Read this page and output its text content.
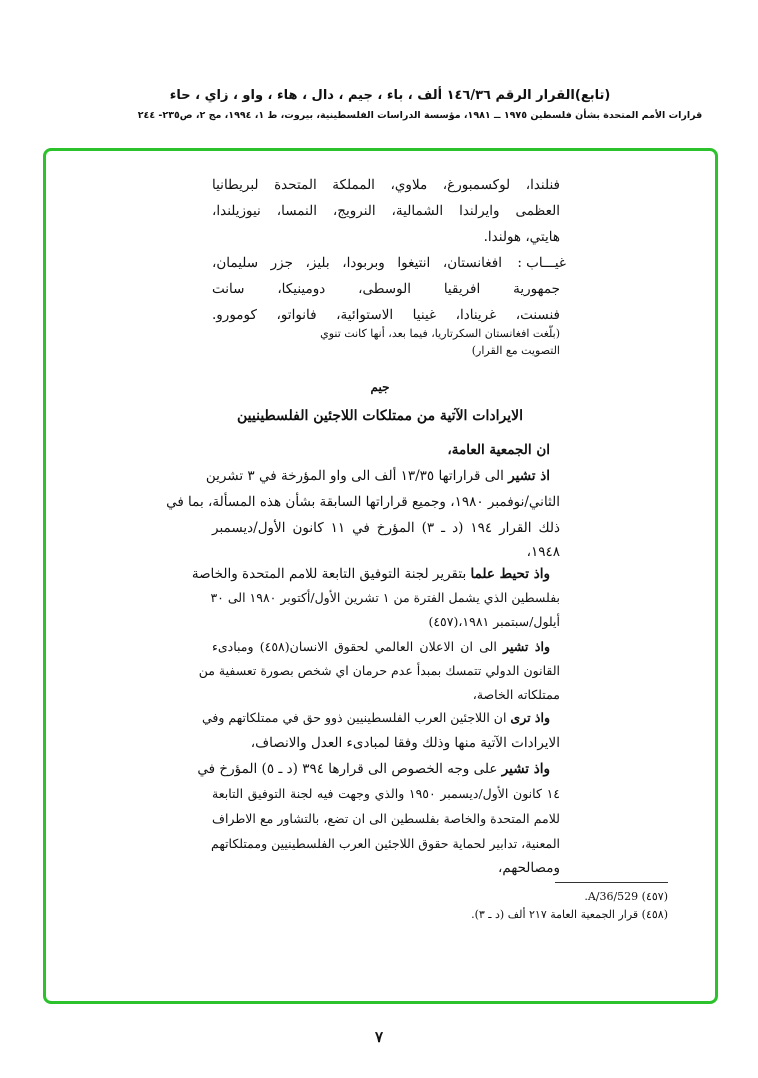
(تابع)القرار الرقم ١٤٦/٣٦ ألف ، باء ، جيم ، دال ، هاء ، واو ، زاي ، حاء
قرارات الأمم المتحدة بشأن فلسطين ١٩٧٥ ــ ١٩٨١، مؤسسة الدراسات الفلسطينية، بيروت، ط ١، ١٩٩٤، مج ٢، ص٢٣٥- ٢٤٤
فنلندا، لوكسمبورغ، ملاوي، المملكة المتحدة لبريطانيا
العظمى وايرلندا الشمالية، النرويج، النمسا، نيوزيلندا،
هايتي، هولندا.
غيـــاب :
افغانستان، انتيغوا وبربودا، بليز، جزر سليمان،
جمهورية افريقيا الوسطى، دومينيكا، سانت
فنسنت، غرينادا، غينيا الاستوائية، فانواتو، كومورو.
(بلّغت افغانستان السكرتاريا، فيما بعد، أنها كانت تنوي
التصويت مع القرار)
جيم
الايرادات الآتية من ممتلكات اللاجئين الفلسطينيين
ان الجمعية العامة،
اذ تشير الى قراراتها ١٣/٣٥ ألف الى واو المؤرخة في ٣ تشرين
الثاني/نوفمبر ١٩٨٠، وجميع قراراتها السابقة بشأن هذه المسألة، بما في
ذلك القرار ١٩٤ (د ـ ٣) المؤرخ في ١١ كانون الأول/ديسمبر
١٩٤٨،
واذ تحيط علما بتقرير لجنة التوفيق التابعة للامم المتحدة والخاصة
بفلسطين الذي يشمل الفترة من ١ تشرين الأول/أكتوبر ١٩٨٠ الى ٣٠
أيلول/سبتمبر ١٩٨١،(٤٥٧)
واذ تشير الى ان الاعلان العالمي لحقوق الانسان(٤٥٨) ومبادىء
القانون الدولي تتمسك بمبدأ عدم حرمان اي شخص بصورة تعسفية من
ممتلكاته الخاصة،
واذ ترى ان اللاجئين العرب الفلسطينيين ذوو حق في ممتلكاتهم وفي
الايرادات الآتية منها وذلك وفقا لمبادىء العدل والانصاف،
واذ تشير على وجه الخصوص الى قرارها ٣٩٤ (د ـ ٥) المؤرخ في
١٤ كانون الأول/ديسمبر ١٩٥٠ والذي وجهت فيه لجنة التوفيق التابعة
للامم المتحدة والخاصة بفلسطين الى ان تضع، بالتشاور مع الاطراف
المعنية، تدابير لحماية حقوق اللاجئين العرب الفلسطينيين وممتلكاتهم
ومصالحهم،
(٤٥٧) A/36/529.
(٤٥٨) قرار الجمعية العامة ٢١٧ ألف (د ـ ٣).
٧
